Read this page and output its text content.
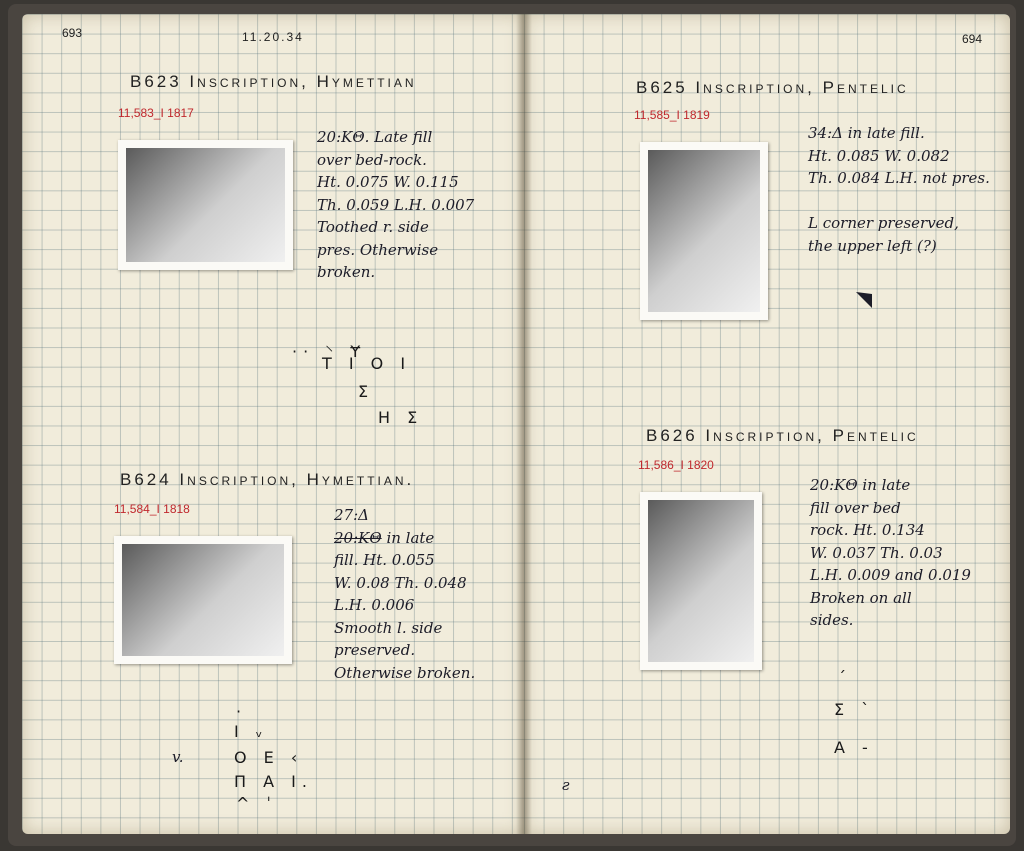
693	11.20.34
B623 Inscription, Hymettian
11,583_I 1817
20:KΘ. Late fill
over bed-rock.
Ht. 0.075 W. 0.115
Th. 0.059 L.H. 0.007
Toothed r. side
pres. Otherwise
broken.
·· ⸌ Ɏ
T I O I
Σ
H Σ
B624 Inscription, Hymettian.
11,584_I 1818	27:Δ
20:KΘ in late
fill. Ht. 0.055
W. 0.08 Th. 0.048
L.H. 0.006
Smooth l. side
preserved.
Otherwise broken.
·
I ᵥ
O E ‹
Π A I.
^ ˈ
v.
694
B625 Inscription, Pentelic
11,585_I 1819
34:Δ in late fill.
Ht. 0.085 W. 0.082
Th. 0.084 L.H. not pres.

L corner preserved,
the upper left (?)
B626 Inscription, Pentelic
11,586_I 1820
20:KΘ in late
fill over bed
rock. Ht. 0.134
W. 0.037 Th. 0.03
L.H. 0.009 and 0.019
Broken on all
sides.
ˏ
Σ `
A -
ƨ
